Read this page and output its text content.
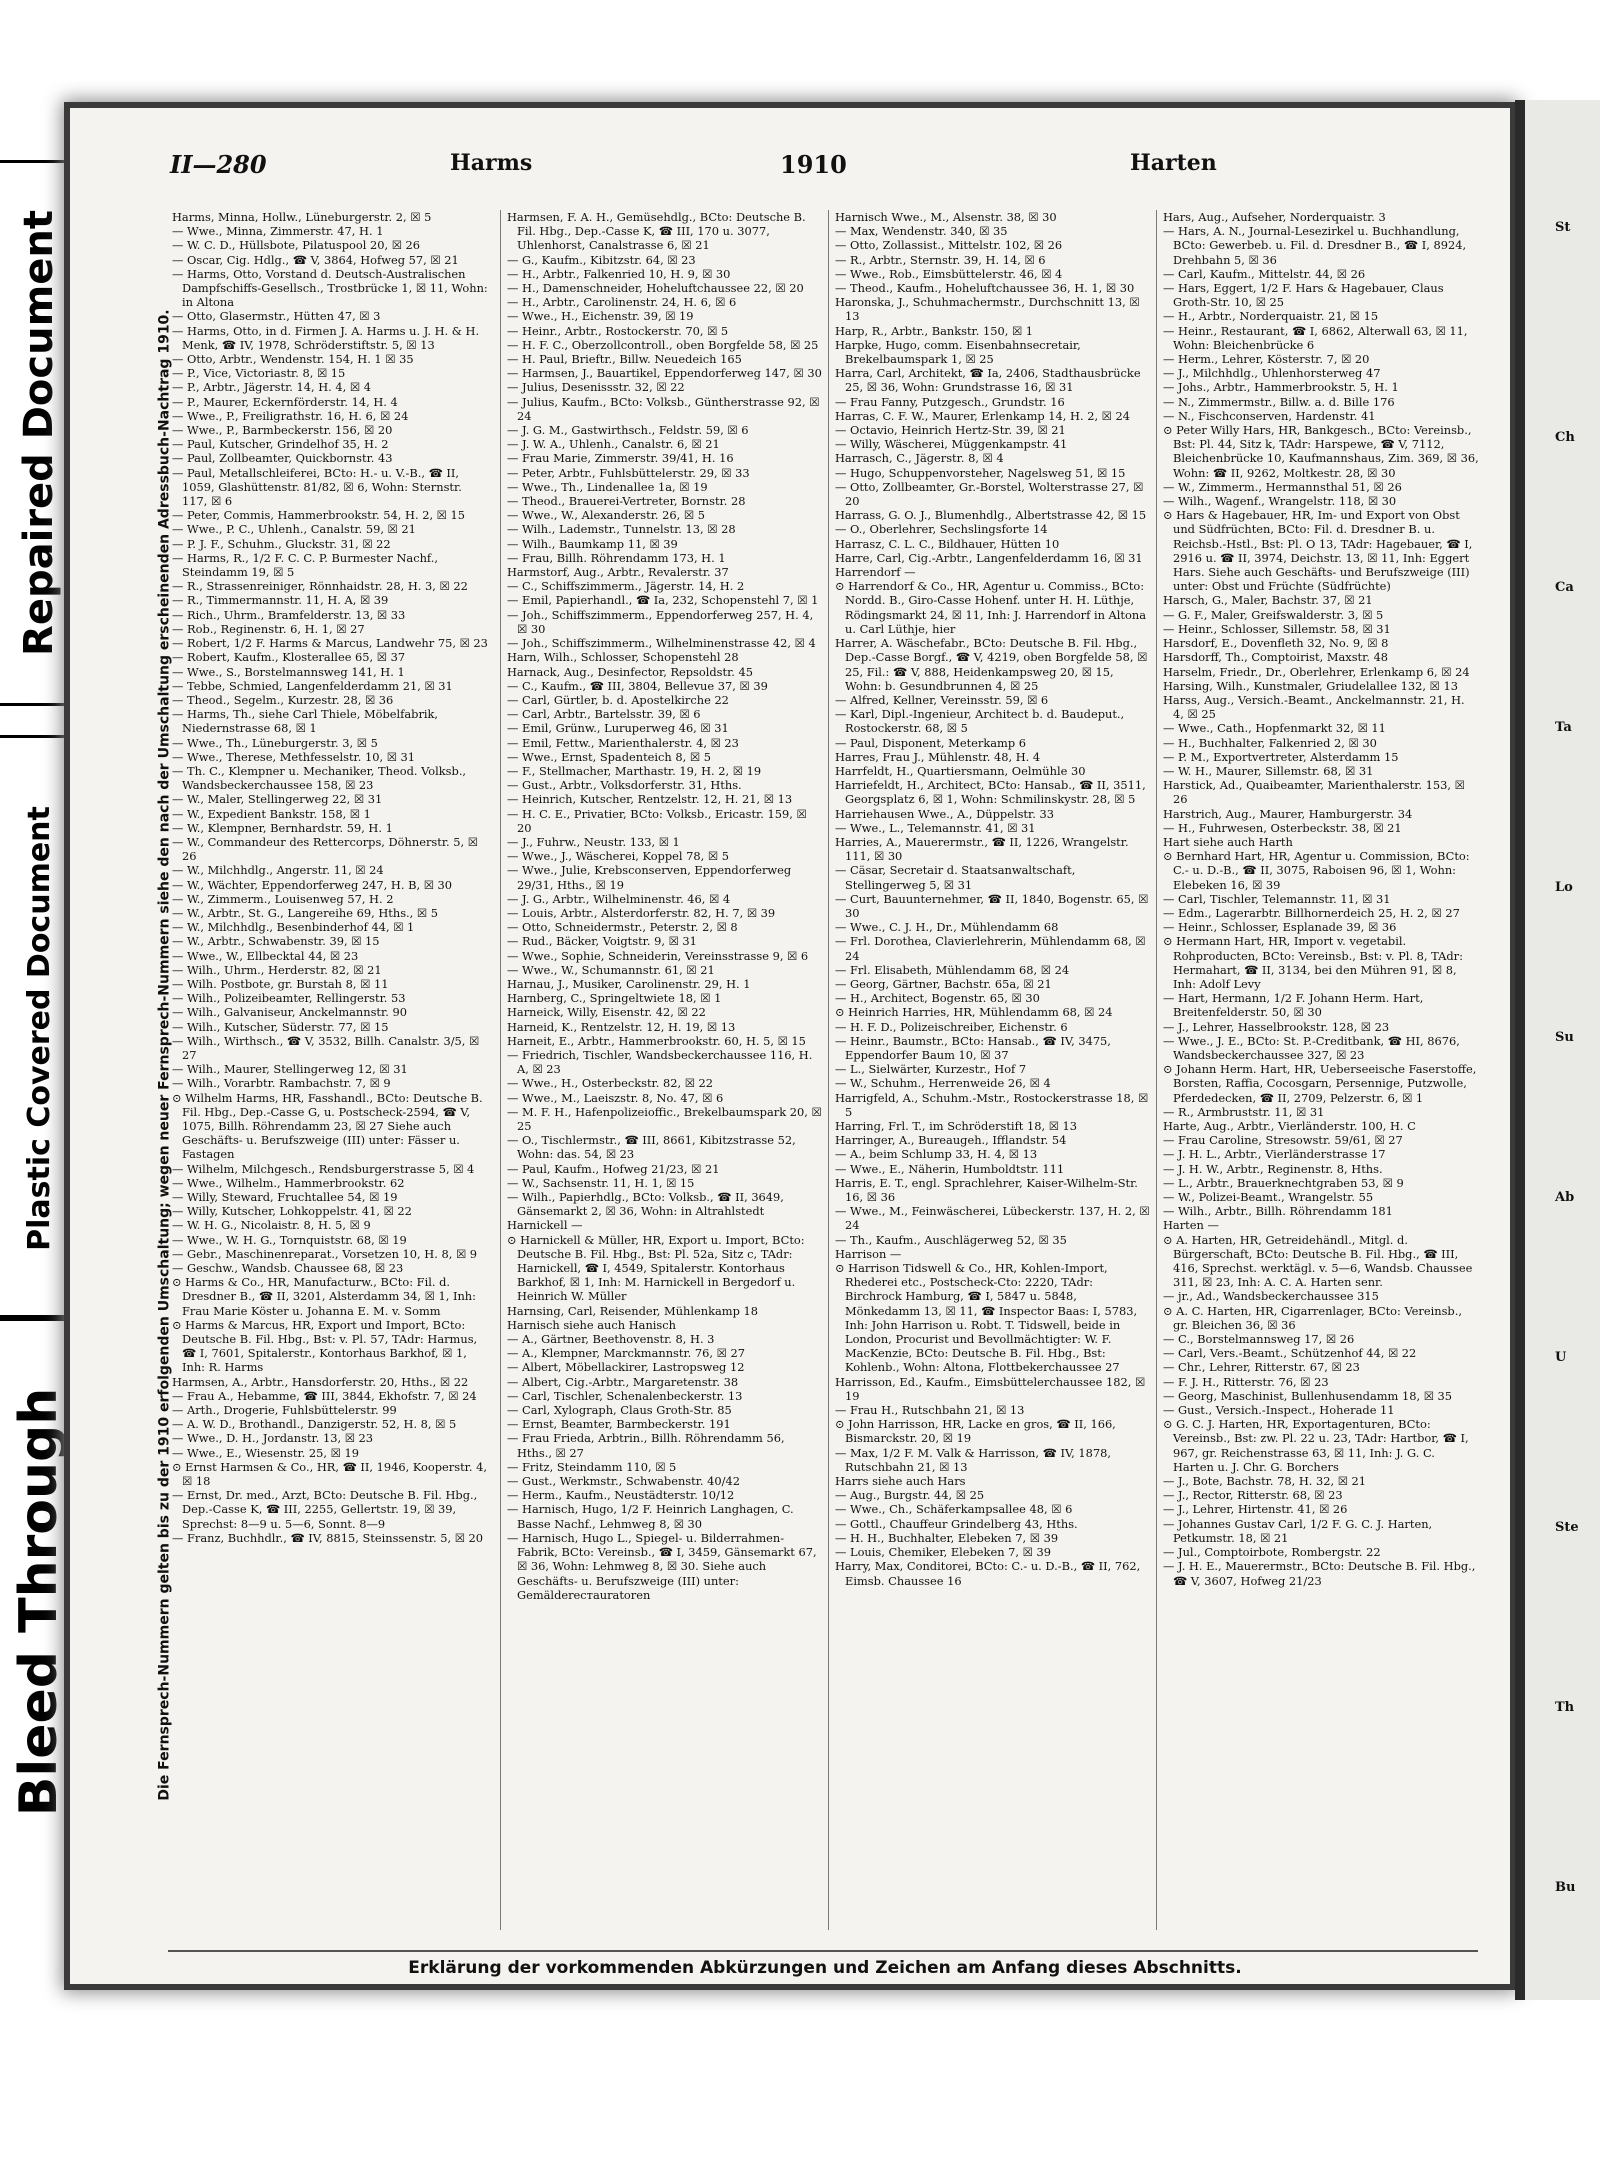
Repaired Document
Plastic Covered Document
Bleed Through
St
Ch
Ca
Ta
Lo
Su
Ab
U
Ste
Th
Bu
II—280	Harms	1910	Harten
Die Fernsprech-Nummern gelten bis zu der 1910 erfolgenden Umschaltung; wegen neuer Fernsprech-Nummern siehe den nach der Umschaltung erscheinenden Adressbuch-Nachtrag 1910.

Harms, Minna, Hollw., Lüneburgerstr. 2, ☒ 5

— Wwe., Minna, Zimmerstr. 47, H. 1

— W. C. D., Hüllsbote, Pilatuspool 20, ☒ 26

— Oscar, Cig. Hdlg., ☎ V, 3864, Hofweg 57, ☒ 21

— Harms, Otto, Vorstand d. Deutsch-Australischen Dampfschiffs-Gesellsch., Trostbrücke 1, ☒ 11, Wohn: in Altona

— Otto, Glasermstr., Hütten 47, ☒ 3

— Harms, Otto, in d. Firmen J. A. Harms u. J. H. & H. Menk, ☎ IV, 1978, Schröderstiftstr. 5, ☒ 13

— Otto, Arbtr., Wendenstr. 154, H. 1 ☒ 35

— P., Vice, Victoriastr. 8, ☒ 15

— P., Arbtr., Jägerstr. 14, H. 4, ☒ 4

— P., Maurer, Eckernförderstr. 14, H. 4

— Wwe., P., Freiligrathstr. 16, H. 6, ☒ 24

— Wwe., P., Barmbeckerstr. 156, ☒ 20

— Paul, Kutscher, Grindelhof 35, H. 2

— Paul, Zollbeamter, Quickbornstr. 43

— Paul, Metallschleiferei, BCto: H.- u. V.-B., ☎ II, 1059, Glashüttenstr. 81/82, ☒ 6, Wohn: Sternstr. 117, ☒ 6

— Peter, Commis, Hammerbrookstr. 54, H. 2, ☒ 15

— Wwe., P. C., Uhlenh., Canalstr. 59, ☒ 21

— P. J. F., Schuhm., Gluckstr. 31, ☒ 22

— Harms, R., 1/2 F. C. C. P. Burmester Nachf., Steindamm 19, ☒ 5

— R., Strassenreiniger, Rönnhaidstr. 28, H. 3, ☒ 22

— R., Timmermannstr. 11, H. A, ☒ 39

— Rich., Uhrm., Bramfelderstr. 13, ☒ 33

— Rob., Reginenstr. 6, H. 1, ☒ 27

— Robert, 1/2 F. Harms & Marcus, Landwehr 75, ☒ 23

— Robert, Kaufm., Klosterallee 65, ☒ 37

— Wwe., S., Borstelmannsweg 141, H. 1

— Tebbe, Schmied, Langenfelderdamm 21, ☒ 31

— Theod., Segelm., Kurzestr. 28, ☒ 36

— Harms, Th., siehe Carl Thiele, Möbelfabrik, Niedernstrasse 68, ☒ 1

— Wwe., Th., Lüneburgerstr. 3, ☒ 5

— Wwe., Therese, Methfesselstr. 10, ☒ 31

— Th. C., Klempner u. Mechaniker, Theod. Volksb., Wandsbeckerchaussee 158, ☒ 23

— W., Maler, Stellingerweg 22, ☒ 31

— W., Expedient Bankstr. 158, ☒ 1

— W., Klempner, Bernhardstr. 59, H. 1

— W., Commandeur des Rettercorps, Döhnerstr. 5, ☒ 26

— W., Milchhdlg., Angerstr. 11, ☒ 24

— W., Wächter, Eppendorferweg 247, H. B, ☒ 30

— W., Zimmerm., Louisenweg 57, H. 2

— W., Arbtr., St. G., Langereihe 69, Hths., ☒ 5

— W., Milchhdlg., Besenbinderhof 44, ☒ 1

— W., Arbtr., Schwabenstr. 39, ☒ 15

— Wwe., W., Ellbecktal 44, ☒ 23

— Wilh., Uhrm., Herderstr. 82, ☒ 21

— Wilh. Postbote, gr. Burstah 8, ☒ 11

— Wilh., Polizeibeamter, Rellingerstr. 53

— Wilh., Galvaniseur, Anckelmannstr. 90

— Wilh., Kutscher, Süderstr. 77, ☒ 15

— Wilh., Wirthsch., ☎ V, 3532, Billh. Canalstr. 3/5, ☒ 27

— Wilh., Maurer, Stellingerweg 12, ☒ 31

— Wilh., Vorarbtr. Rambachstr. 7, ☒ 9

⊙ Wilhelm Harms, HR, Fasshandl., BCto: Deutsche B. Fil. Hbg., Dep.-Casse G, u. Postscheck-2594, ☎ V, 1075, Billh. Röhrendamm 23, ☒ 27 Siehe auch Geschäfts- u. Berufszweige (III) unter: Fässer u. Fastagen

— Wilhelm, Milchgesch., Rendsburgerstrasse 5, ☒ 4

— Wwe., Wilhelm., Hammerbrookstr. 62

— Willy, Steward, Fruchtallee 54, ☒ 19

— Willy, Kutscher, Lohkoppelstr. 41, ☒ 22

— W. H. G., Nicolaistr. 8, H. 5, ☒ 9

— Wwe., W. H. G., Tornquiststr. 68, ☒ 19

— Gebr., Maschinenreparat., Vorsetzen 10, H. 8, ☒ 9

— Geschw., Wandsb. Chaussee 68, ☒ 23

⊙ Harms & Co., HR, Manufacturw., BCto: Fil. d. Dresdner B., ☎ II, 3201, Alsterdamm 34, ☒ 1, Inh: Frau Marie Köster u. Johanna E. M. v. Somm

⊙ Harms & Marcus, HR, Export und Import, BCto: Deutsche B. Fil. Hbg., Bst: v. Pl. 57, TAdr: Harmus, ☎ I, 7601, Spitalerstr., Kontorhaus Barkhof, ☒ 1, Inh: R. Harms

Harmsen, A., Arbtr., Hansdorferstr. 20, Hths., ☒ 22

— Frau A., Hebamme, ☎ III, 3844, Ekhofstr. 7, ☒ 24

— Arth., Drogerie, Fuhlsbüttelerstr. 99

— A. W. D., Brothandl., Danzigerstr. 52, H. 8, ☒ 5

— Wwe., D. H., Jordanstr. 13, ☒ 23

— Wwe., E., Wiesenstr. 25, ☒ 19

⊙ Ernst Harmsen & Co., HR, ☎ II, 1946, Kooperstr. 4, ☒ 18

— Ernst, Dr. med., Arzt, BCto: Deutsche B. Fil. Hbg., Dep.-Casse K, ☎ III, 2255, Gellertstr. 19, ☒ 39, Sprechst: 8—9 u. 5—6, Sonnt. 8—9

— Franz, Buchhdlr., ☎ IV, 8815, Steinssenstr. 5, ☒ 20

Harmsen, F. A. H., Gemüsehdlg., BCto: Deutsche B. Fil. Hbg., Dep.-Casse K, ☎ III, 170 u. 3077, Uhlenhorst, Canalstrasse 6, ☒ 21

— G., Kaufm., Kibitzstr. 64, ☒ 23

— H., Arbtr., Falkenried 10, H. 9, ☒ 30

— H., Damenschneider, Hoheluftchaussee 22, ☒ 20

— H., Arbtr., Carolinenstr. 24, H. 6, ☒ 6

— Wwe., H., Eichenstr. 39, ☒ 19

— Heinr., Arbtr., Rostockerstr. 70, ☒ 5

— H. F. C., Oberzollcontroll., oben Borgfelde 58, ☒ 25

— H. Paul, Brieftr., Billw. Neuedeich 165

— Harmsen, J., Bauartikel, Eppendorferweg 147, ☒ 30

— Julius, Desenissstr. 32, ☒ 22

— Julius, Kaufm., BCto: Volksb., Güntherstrasse 92, ☒ 24

— J. G. M., Gastwirthsch., Feldstr. 59, ☒ 6

— J. W. A., Uhlenh., Canalstr. 6, ☒ 21

— Frau Marie, Zimmerstr. 39/41, H. 16

— Peter, Arbtr., Fuhlsbüttelerstr. 29, ☒ 33

— Wwe., Th., Lindenallee 1a, ☒ 19

— Theod., Brauerei-Vertreter, Bornstr. 28

— Wwe., W., Alexanderstr. 26, ☒ 5

— Wilh., Lademstr., Tunnelstr. 13, ☒ 28

— Wilh., Baumkamp 11, ☒ 39

— Frau, Billh. Röhrendamm 173, H. 1

Harmstorf, Aug., Arbtr., Revalerstr. 37

— C., Schiffszimmerm., Jägerstr. 14, H. 2

— Emil, Papierhandl., ☎ Ia, 232, Schopenstehl 7, ☒ 1

— Joh., Schiffszimmerm., Eppendorferweg 257, H. 4, ☒ 30

— Joh., Schiffszimmerm., Wilhelminenstrasse 42, ☒ 4

Harn, Wilh., Schlosser, Schopenstehl 28

Harnack, Aug., Desinfector, Repsoldstr. 45

— C., Kaufm., ☎ III, 3804, Bellevue 37, ☒ 39

— Carl, Gürtler, b. d. Apostelkirche 22

— Carl, Arbtr., Bartelsstr. 39, ☒ 6

— Emil, Grünw., Luruperweg 46, ☒ 31

— Emil, Fettw., Marienthalerstr. 4, ☒ 23

— Wwe., Ernst, Spadenteich 8, ☒ 5

— F., Stellmacher, Marthastr. 19, H. 2, ☒ 19

— Gust., Arbtr., Volksdorferstr. 31, Hths.

— Heinrich, Kutscher, Rentzelstr. 12, H. 21, ☒ 13

— H. C. E., Privatier, BCto: Volksb., Ericastr. 159, ☒ 20

— J., Fuhrw., Neustr. 133, ☒ 1

— Wwe., J., Wäscherei, Koppel 78, ☒ 5

— Wwe., Julie, Krebsconserven, Eppendorferweg 29/31, Hths., ☒ 19

— J. G., Arbtr., Wilhelminenstr. 46, ☒ 4

— Louis, Arbtr., Alsterdorferstr. 82, H. 7, ☒ 39

— Otto, Schneidermstr., Peterstr. 2, ☒ 8

— Rud., Bäcker, Voigtstr. 9, ☒ 31

— Wwe., Sophie, Schneiderin, Vereinsstrasse 9, ☒ 6

— Wwe., W., Schumannstr. 61, ☒ 21

Harnau, J., Musiker, Carolinenstr. 29, H. 1

Harnberg, C., Springeltwiete 18, ☒ 1

Harneick, Willy, Eisenstr. 42, ☒ 22

Harneid, K., Rentzelstr. 12, H. 19, ☒ 13

Harneit, E., Arbtr., Hammerbrookstr. 60, H. 5, ☒ 15

— Friedrich, Tischler, Wandsbeckerchaussee 116, H. A, ☒ 23

— Wwe., H., Osterbeckstr. 82, ☒ 22

— Wwe., M., Laeiszstr. 8, No. 47, ☒ 6

— M. F. H., Hafenpolizeioffic., Brekelbaumspark 20, ☒ 25

— O., Tischlermstr., ☎ III, 8661, Kibitzstrasse 52, Wohn: das. 54, ☒ 23

— Paul, Kaufm., Hofweg 21/23, ☒ 21

— W., Sachsenstr. 11, H. 1, ☒ 15

— Wilh., Papierhdlg., BCto: Volksb., ☎ II, 3649, Gänsemarkt 2, ☒ 36, Wohn: in Altrahlstedt

Harnickell —

⊙ Harnickell & Müller, HR, Export u. Import, BCto: Deutsche B. Fil. Hbg., Bst: Pl. 52a, Sitz c, TAdr: Harnickell, ☎ I, 4549, Spitalerstr. Kontorhaus Barkhof, ☒ 1, Inh: M. Harnickell in Bergedorf u. Heinrich W. Müller

Harnsing, Carl, Reisender, Mühlenkamp 18

Harnisch siehe auch Hanisch

— A., Gärtner, Beethovenstr. 8, H. 3

— A., Klempner, Marckmannstr. 76, ☒ 27

— Albert, Möbellackirer, Lastropsweg 12

— Albert, Cig.-Arbtr., Margaretenstr. 38

— Carl, Tischler, Schenalenbeckerstr. 13

— Carl, Xylograph, Claus Groth-Str. 85

— Ernst, Beamter, Barmbeckerstr. 191

— Frau Frieda, Arbtrin., Billh. Röhrendamm 56, Hths., ☒ 27

— Fritz, Steindamm 110, ☒ 5

— Gust., Werkmstr., Schwabenstr. 40/42

— Herm., Kaufm., Neustädterstr. 10/12

— Harnisch, Hugo, 1/2 F. Heinrich Langhagen, C. Basse Nachf., Lehmweg 8, ☒ 30

— Harnisch, Hugo L., Spiegel- u. Bilderrahmen-Fabrik, BCto: Vereinsb., ☎ I, 3459, Gänsemarkt 67, ☒ 36, Wohn: Lehmweg 8, ☒ 30. Siehe auch Geschäfts- u. Berufszweige (III) unter: Gemäldereстauratoren

Harnisch Wwe., M., Alsenstr. 38, ☒ 30

— Max, Wendenstr. 340, ☒ 35

— Otto, Zollassist., Mittelstr. 102, ☒ 26

— R., Arbtr., Sternstr. 39, H. 14, ☒ 6

— Wwe., Rob., Eimsbüttelerstr. 46, ☒ 4

— Theod., Kaufm., Hoheluftchaussee 36, H. 1, ☒ 30

Haronska, J., Schuhmachermstr., Durchschnitt 13, ☒ 13

Harp, R., Arbtr., Bankstr. 150, ☒ 1

Harpke, Hugo, comm. Eisenbahnsecretair, Brekelbaumspark 1, ☒ 25

Harra, Carl, Architekt, ☎ Ia, 2406, Stadthausbrücke 25, ☒ 36, Wohn: Grundstrasse 16, ☒ 31

— Frau Fanny, Putzgesch., Grundstr. 16

Harras, C. F. W., Maurer, Erlenkamp 14, H. 2, ☒ 24

— Octavio, Heinrich Hertz-Str. 39, ☒ 21

— Willy, Wäscherei, Müggenkampstr. 41

Harrasch, C., Jägerstr. 8, ☒ 4

— Hugo, Schuppenvorsteher, Nagelsweg 51, ☒ 15

— Otto, Zollbeamter, Gr.-Borstel, Wolterstrasse 27, ☒ 20

Harrass, G. O. J., Blumenhdlg., Albertstrasse 42, ☒ 15

— O., Oberlehrer, Sechslingsforte 14

Harrasz, C. L. C., Bildhauer, Hütten 10

Harre, Carl, Cig.-Arbtr., Langenfelderdamm 16, ☒ 31

Harrendorf —

⊙ Harrendorf & Co., HR, Agentur u. Commiss., BCto: Nordd. B., Giro-Casse Hohenf. unter H. H. Lüthje, Rödingsmarkt 24, ☒ 11, Inh: J. Harrendorf in Altona u. Carl Lüthje, hier

Harrer, A. Wäschefabr., BCto: Deutsche B. Fil. Hbg., Dep.-Casse Borgf., ☎ V, 4219, oben Borgfelde 58, ☒ 25, Fil.: ☎ V, 888, Heidenkampsweg 20, ☒ 15, Wohn: b. Gesundbrunnen 4, ☒ 25

— Alfred, Kellner, Vereinsstr. 59, ☒ 6

— Karl, Dipl.-Ingenieur, Architect b. d. Baudeput., Rostockerstr. 68, ☒ 5

— Paul, Disponent, Meterkamp 6

Harres, Frau J., Mühlenstr. 48, H. 4

Harrfeldt, H., Quartiersmann, Oelmühle 30

Harriefeldt, H., Architect, BCto: Hansab., ☎ II, 3511, Georgsplatz 6, ☒ 1, Wohn: Schmilinskystr. 28, ☒ 5

Harriehausen Wwe., A., Düppelstr. 33

— Wwe., L., Telemannstr. 41, ☒ 31

Harries, A., Mauerermstr., ☎ II, 1226, Wrangelstr. 111, ☒ 30

— Cäsar, Secretair d. Staatsanwaltschaft, Stellingerweg 5, ☒ 31

— Curt, Bauunternehmer, ☎ II, 1840, Bogenstr. 65, ☒ 30

— Wwe., C. J. H., Dr., Mühlendamm 68

— Frl. Dorothea, Clavierlehrerin, Mühlendamm 68, ☒ 24

— Frl. Elisabeth, Mühlendamm 68, ☒ 24

— Georg, Gärtner, Bachstr. 65a, ☒ 21

— H., Architect, Bogenstr. 65, ☒ 30

⊙ Heinrich Harries, HR, Mühlendamm 68, ☒ 24

— H. F. D., Polizeischreiber, Eichenstr. 6

— Heinr., Baumstr., BCto: Hansab., ☎ IV, 3475, Eppendorfer Baum 10, ☒ 37

— L., Sielwärter, Kurzestr., Hof 7

— W., Schuhm., Herrenweide 26, ☒ 4

Harrigfeld, A., Schuhm.-Mstr., Rostockerstrasse 18, ☒ 5

Harring, Frl. T., im Schröderstift 18, ☒ 13

Harringer, A., Bureaugeh., Ifflandstr. 54

— A., beim Schlump 33, H. 4, ☒ 13

— Wwe., E., Näherin, Humboldtstr. 111

Harris, E. T., engl. Sprachlehrer, Kaiser-Wilhelm-Str. 16, ☒ 36

— Wwe., M., Feinwäscherei, Lübeckerstr. 137, H. 2, ☒ 24

— Th., Kaufm., Auschlägerweg 52, ☒ 35

Harrison —

⊙ Harrison Tidswell & Co., HR, Kohlen-Import, Rhederei etc., Postscheck-Cto: 2220, TAdr: Birchrock Hamburg, ☎ I, 5847 u. 5848, Mönkedamm 13, ☒ 11, ☎ Inspector Baas: I, 5783, Inh: John Harrison u. Robt. T. Tidswell, beide in London, Procurist und Bevollmächtigter: W. F. MacKenzie, BCto: Deutsche B. Fil. Hbg., Bst: Kohlenb., Wohn: Altona, Flottbekerchaussee 27

Harrisson, Ed., Kaufm., Eimsbüttelerchaussee 182, ☒ 19

— Frau H., Rutschbahn 21, ☒ 13

⊙ John Harrisson, HR, Lacke en gros, ☎ II, 166, Bismarckstr. 20, ☒ 19

— Max, 1/2 F. M. Valk & Harrisson, ☎ IV, 1878, Rutschbahn 21, ☒ 13

Harrs siehe auch Hars

— Aug., Burgstr. 44, ☒ 25

— Wwe., Ch., Schäferkampsallee 48, ☒ 6

— Gottl., Chauffeur Grindelberg 43, Hths.

— H. H., Buchhalter, Elebeken 7, ☒ 39

— Louis, Chemiker, Elebeken 7, ☒ 39

Harry, Max, Conditorei, BCto: C.- u. D.-B., ☎ II, 762, Eimsb. Chaussee 16

Hars, Aug., Aufseher, Norderquaistr. 3

— Hars, A. N., Journal-Lesezirkel u. Buchhandlung, BCto: Gewerbeb. u. Fil. d. Dresdner B., ☎ I, 8924, Drehbahn 5, ☒ 36

— Carl, Kaufm., Mittelstr. 44, ☒ 26

— Hars, Eggert, 1/2 F. Hars & Hagebauer, Claus Groth-Str. 10, ☒ 25

— H., Arbtr., Norderquaistr. 21, ☒ 15

— Heinr., Restaurant, ☎ I, 6862, Alterwall 63, ☒ 11, Wohn: Bleichenbrücke 6

— Herm., Lehrer, Kösterstr. 7, ☒ 20

— J., Milchhdlg., Uhlenhorsterweg 47

— Johs., Arbtr., Hammerbrookstr. 5, H. 1

— N., Zimmermstr., Billw. a. d. Bille 176

— N., Fischconserven, Hardenstr. 41

⊙ Peter Willy Hars, HR, Bankgesch., BCto: Vereinsb., Bst: Pl. 44, Sitz k, TAdr: Harspewe, ☎ V, 7112, Bleichenbrücke 10, Kaufmannshaus, Zim. 369, ☒ 36, Wohn: ☎ II, 9262, Moltkestr. 28, ☒ 30

— W., Zimmerm., Hermannsthal 51, ☒ 26

— Wilh., Wagenf., Wrangelstr. 118, ☒ 30

⊙ Hars & Hagebauer, HR, Im- und Export von Obst und Südfrüchten, BCto: Fil. d. Dresdner B. u. Reichsb.-Hstl., Bst: Pl. O 13, TAdr: Hagebauer, ☎ I, 2916 u. ☎ II, 3974, Deichstr. 13, ☒ 11, Inh: Eggert Hars. Siehe auch Geschäfts- und Berufszweige (III) unter: Obst und Früchte (Südfrüchte)

Harsch, G., Maler, Bachstr. 37, ☒ 21

— G. F., Maler, Greifswalderstr. 3, ☒ 5

— Heinr., Schlosser, Sillemstr. 58, ☒ 31

Harsdorf, E., Dovenfleth 32, No. 9, ☒ 8

Harsdorff, Th., Comptoirist, Maxstr. 48

Harselm, Friedr., Dr., Oberlehrer, Erlenkamp 6, ☒ 24

Harsing, Wilh., Kunstmaler, Griudelallee 132, ☒ 13

Harss, Aug., Versich.-Beamt., Anckelmannstr. 21, H. 4, ☒ 25

— Wwe., Cath., Hopfenmarkt 32, ☒ 11

— H., Buchhalter, Falkenried 2, ☒ 30

— P. M., Exportvertreter, Alsterdamm 15

— W. H., Maurer, Sillemstr. 68, ☒ 31

Harstick, Ad., Quaibeamter, Marienthalerstr. 153, ☒ 26

Harstrich, Aug., Maurer, Hamburgerstr. 34

— H., Fuhrwesen, Osterbeckstr. 38, ☒ 21

Hart siehe auch Harth

⊙ Bernhard Hart, HR, Agentur u. Commission, BCto: C.- u. D.-B., ☎ II, 3075, Raboisen 96, ☒ 1, Wohn: Elebeken 16, ☒ 39

— Carl, Tischler, Telemannstr. 11, ☒ 31

— Edm., Lagerarbtr. Billhornerdeich 25, H. 2, ☒ 27

— Heinr., Schlosser, Esplanade 39, ☒ 36

⊙ Hermann Hart, HR, Import v. vegetabil. Rohproducten, BCto: Vereinsb., Bst: v. Pl. 8, TAdr: Hermahart, ☎ II, 3134, bei den Mühren 91, ☒ 8, Inh: Adolf Levy

— Hart, Hermann, 1/2 F. Johann Herm. Hart, Breitenfelderstr. 50, ☒ 30

— J., Lehrer, Hasselbrookstr. 128, ☒ 23

— Wwe., J. E., BCto: St. P.-Creditbank, ☎ HI, 8676, Wandsbeckerchaussee 327, ☒ 23

⊙ Johann Herm. Hart, HR, Ueberseeische Faserstoffe, Borsten, Raffia, Cocosgarn, Persennige, Putzwolle, Pferdedecken, ☎ II, 2709, Pelzerstr. 6, ☒ 1

— R., Armbruststr. 11, ☒ 31

Harte, Aug., Arbtr., Vierländerstr. 100, H. C

— Frau Caroline, Stresowstr. 59/61, ☒ 27

— J. H. L., Arbtr., Vierländerstrasse 17

— J. H. W., Arbtr., Reginenstr. 8, Hths.

— L., Arbtr., Brauerknechtgraben 53, ☒ 9

— W., Polizei-Beamt., Wrangelstr. 55

— Wilh., Arbtr., Billh. Röhrendamm 181

Harten —

⊙ A. Harten, HR, Getreidehändl., Mitgl. d. Bürgerschaft, BCto: Deutsche B. Fil. Hbg., ☎ III, 416, Sprechst. werktägl. v. 5—6, Wandsb. Chaussee 311, ☒ 23, Inh: A. C. A. Harten senr.

— jr., Ad., Wandsbeckerchaussee 315

⊙ A. C. Harten, HR, Cigarrenlager, BCto: Vereinsb., gr. Bleichen 36, ☒ 36

— C., Borstelmannsweg 17, ☒ 26

— Carl, Vers.-Beamt., Schützenhof 44, ☒ 22

— Chr., Lehrer, Ritterstr. 67, ☒ 23

— F. J. H., Ritterstr. 76, ☒ 23

— Georg, Maschinist, Bullenhusendamm 18, ☒ 35

— Gust., Versich.-Inspect., Hoherade 11

⊙ G. C. J. Harten, HR, Exportagenturen, BCto: Vereinsb., Bst: zw. Pl. 22 u. 23, TAdr: Hartbor, ☎ I, 967, gr. Reichenstrasse 63, ☒ 11, Inh: J. G. C. Harten u. J. Chr. G. Borchers

— J., Bote, Bachstr. 78, H. 32, ☒ 21

— J., Rector, Ritterstr. 68, ☒ 23

— J., Lehrer, Hirtenstr. 41, ☒ 26

— Johannes Gustav Carl, 1/2 F. G. C. J. Harten, Petkumstr. 18, ☒ 21

— Jul., Comptoirbote, Rombergstr. 22

— J. H. E., Mauerermstr., BCto: Deutsche B. Fil. Hbg., ☎ V, 3607, Hofweg 21/23

Erklärung der vorkommenden Abkürzungen und Zeichen am Anfang dieses Abschnitts.
